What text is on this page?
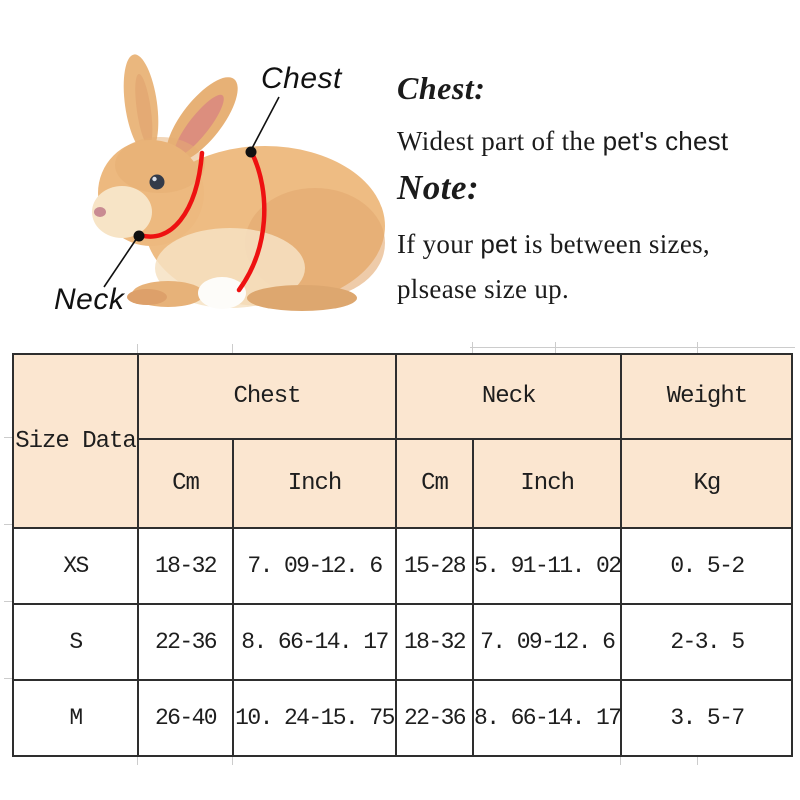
Chest
Neck
Chest:
Widest part of the pet's chest
Note:
If your pet is between sizes,
plsease size up.
Size Data	Chest		Neck		Weight
	Cm	Inch	Cm	Inch	Kg
XS	18-32	7. 09-12. 6	15-28	5. 91-11. 02	0. 5-2
S	22-36	8. 66-14. 17	18-32	7. 09-12. 6	2-3. 5
M	26-40	10. 24-15. 75	22-36	8. 66-14. 17	3. 5-7
